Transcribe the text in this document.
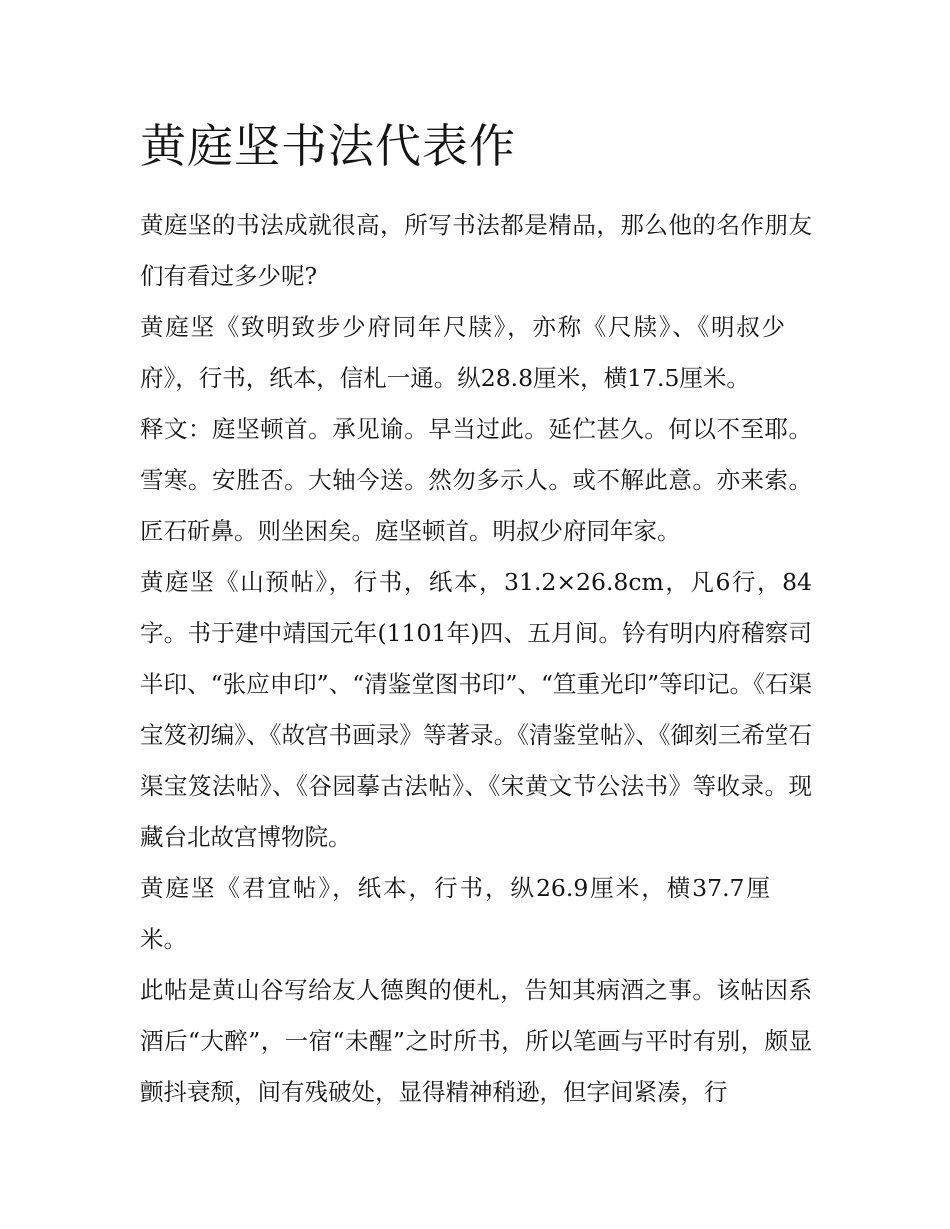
黄庭坚书法代表作

黄庭坚的书法成就很高，所写书法都是精品，那么他的名作朋友们有看过多少呢?

黄庭坚《致明致步少府同年尺牍》，亦称《尺牍》、《明叔少府》，行书，纸本，信札一通。纵28.8厘米，横17.5厘米。

释文：庭坚顿首。承见谕。早当过此。延伫甚久。何以不至耶。雪寒。安胜否。大轴今送。然勿多示人。或不解此意。亦来索。匠石斫鼻。则坐困矣。庭坚顿首。明叔少府同年家。

黄庭坚《山预帖》，行书，纸本，31.2×26.8cm，凡6行，84字。书于建中靖国元年(1101年)四、五月间。钤有明内府稽察司半印、“张应申印”、“清鉴堂图书印”、“笪重光印”等印记。《石渠宝笈初编》、《故宫书画录》等著录。《清鉴堂帖》、《御刻三希堂石渠宝笈法帖》、《谷园摹古法帖》、《宋黄文节公法书》等收录。现藏台北故宫博物院。

黄庭坚《君宜帖》，纸本，行书，纵26.9厘米，横37.7厘米。

此帖是黄山谷写给友人德舆的便札，告知其病酒之事。该帖因系酒后“大醉”，一宿“未醒”之时所书，所以笔画与平时有别，颇显颤抖衰颓，间有残破处，显得精神稍逊，但字间紧凑，行
